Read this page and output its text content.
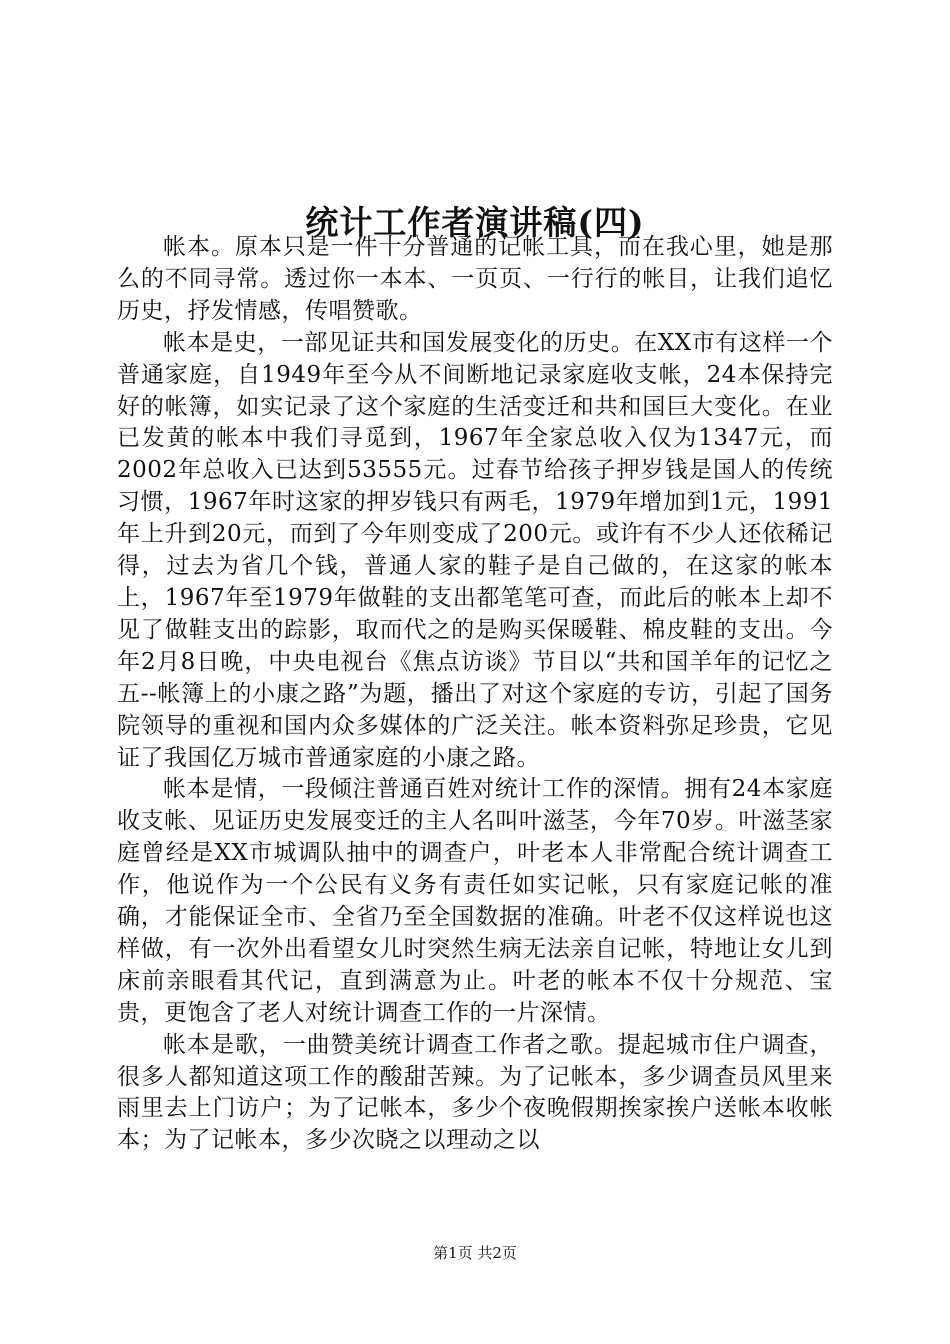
统计工作者演讲稿(四)

帐本。原本只是一件十分普通的记帐工具，而在我心里，她是那么的不同寻常。透过你一本本、一页页、一行行的帐目，让我们追忆历史，抒发情感，传唱赞歌。

帐本是史，一部见证共和国发展变化的历史。在XX市有这样一个普通家庭，自1949年至今从不间断地记录家庭收支帐，24本保持完好的帐簿，如实记录了这个家庭的生活变迁和共和国巨大变化。在业已发黄的帐本中我们寻觅到，1967年全家总收入仅为1347元，而2002年总收入已达到53555元。过春节给孩子押岁钱是国人的传统习惯，1967年时这家的押岁钱只有两毛，1979年增加到1元，1991年上升到20元，而到了今年则变成了200元。或许有不少人还依稀记得，过去为省几个钱，普通人家的鞋子是自己做的，在这家的帐本上，1967年至1979年做鞋的支出都笔笔可查，而此后的帐本上却不见了做鞋支出的踪影，取而代之的是购买保暖鞋、棉皮鞋的支出。今年2月8日晚，中央电视台《焦点访谈》节目以“共和国羊年的记忆之五--帐簿上的小康之路”为题，播出了对这个家庭的专访，引起了国务院领导的重视和国内众多媒体的广泛关注。帐本资料弥足珍贵，它见证了我国亿万城市普通家庭的小康之路。

帐本是情，一段倾注普通百姓对统计工作的深情。拥有24本家庭收支帐、见证历史发展变迁的主人名叫叶滋茎，今年70岁。叶滋茎家庭曾经是XX市城调队抽中的调查户，叶老本人非常配合统计调查工作，他说作为一个公民有义务有责任如实记帐，只有家庭记帐的准确，才能保证全市、全省乃至全国数据的准确。叶老不仅这样说也这样做，有一次外出看望女儿时突然生病无法亲自记帐，特地让女儿到床前亲眼看其代记，直到满意为止。叶老的帐本不仅十分规范、宝贵，更饱含了老人对统计调查工作的一片深情。

帐本是歌，一曲赞美统计调查工作者之歌。提起城市住户调查，很多人都知道这项工作的酸甜苦辣。为了记帐本，多少调查员风里来雨里去上门访户；为了记帐本，多少个夜晚假期挨家挨户送帐本收帐本；为了记帐本，多少次晓之以理动之以

第1页 共2页
